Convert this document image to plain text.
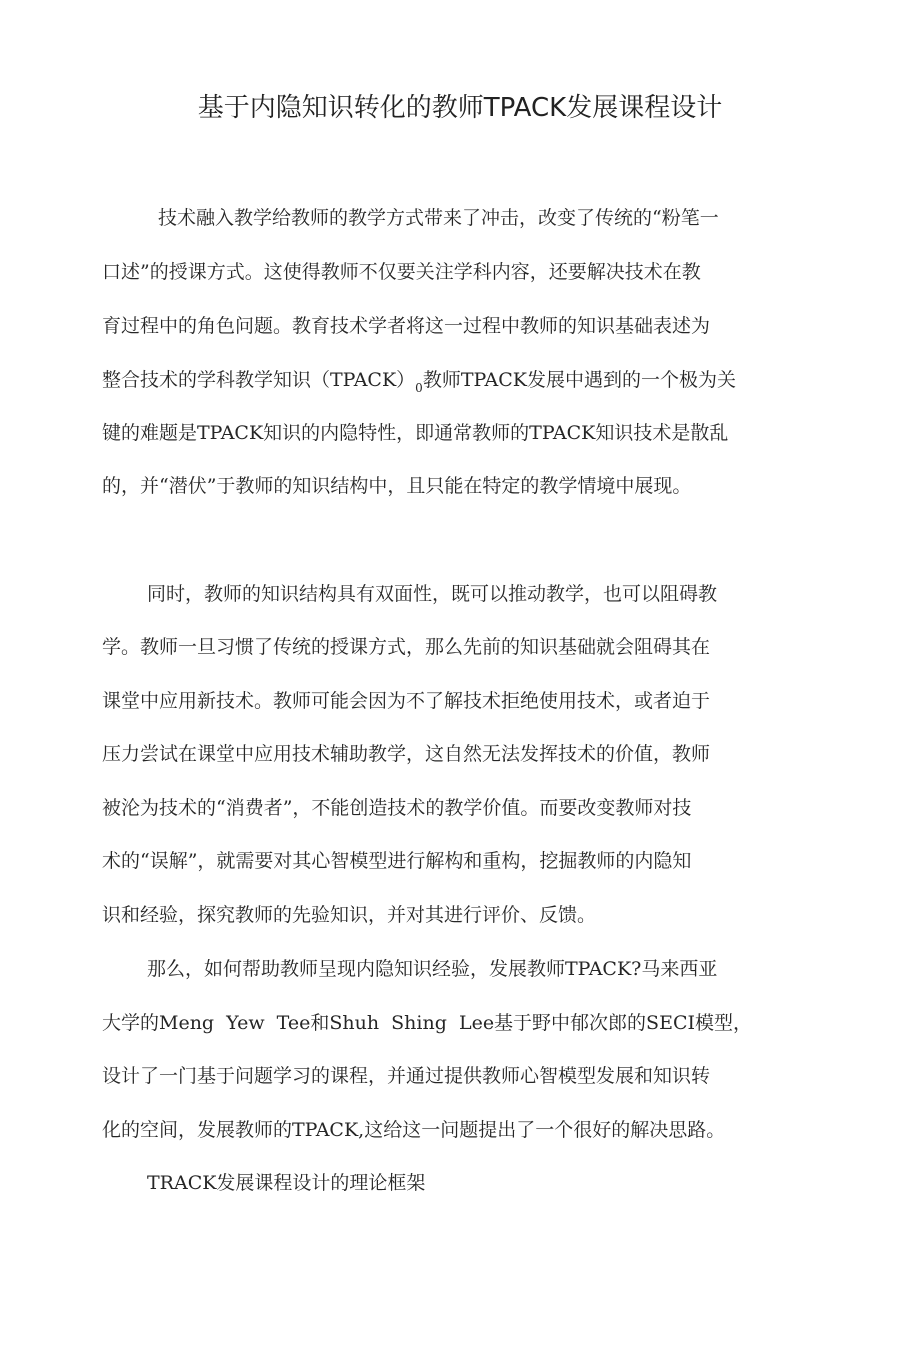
基于内隐知识转化的教师TPACK发展课程设计
技术融入教学给教师的教学方式带来了冲击，改变了传统的“粉笔一
口述”的授课方式。这使得教师不仅要关注学科内容，还要解决技术在教
育过程中的角色问题。教育技术学者将这一过程中教师的知识基础表述为
整合技术的学科教学知识$(TPACK)_0$教师TPACK发展中遇到的一个极为关
键的难题是TPACK知识的内隐特性，即通常教师的TPACK知识技术是散乱
的，并“潜伏”于教师的知识结构中，且只能在特定的教学情境中展现。
同时，教师的知识结构具有双面性，既可以推动教学，也可以阻碍教
学。教师一旦习惯了传统的授课方式，那么先前的知识基础就会阻碍其在
课堂中应用新技术。教师可能会因为不了解技术拒绝使用技术，或者迫于
压力尝试在课堂中应用技术辅助教学，这自然无法发挥技术的价值，教师
被沦为技术的“消费者”，不能创造技术的教学价值。而要改变教师对技
术的“误解”，就需要对其心智模型进行解构和重构，挖掘教师的内隐知
识和经验，探究教师的先验知识，并对其进行评价、反馈。
那么，如何帮助教师呈现内隐知识经验，发展教师TPACK?马来西亚
大学的Meng  Yew  Tee和Shuh  Shing  Lee基于野中郁次郎的SECI模型，
设计了一门基于问题学习的课程，并通过提供教师心智模型发展和知识转
化的空间，发展教师的TPACK,这给这一问题提出了一个很好的解决思路。
TRACK发展课程设计的理论框架
